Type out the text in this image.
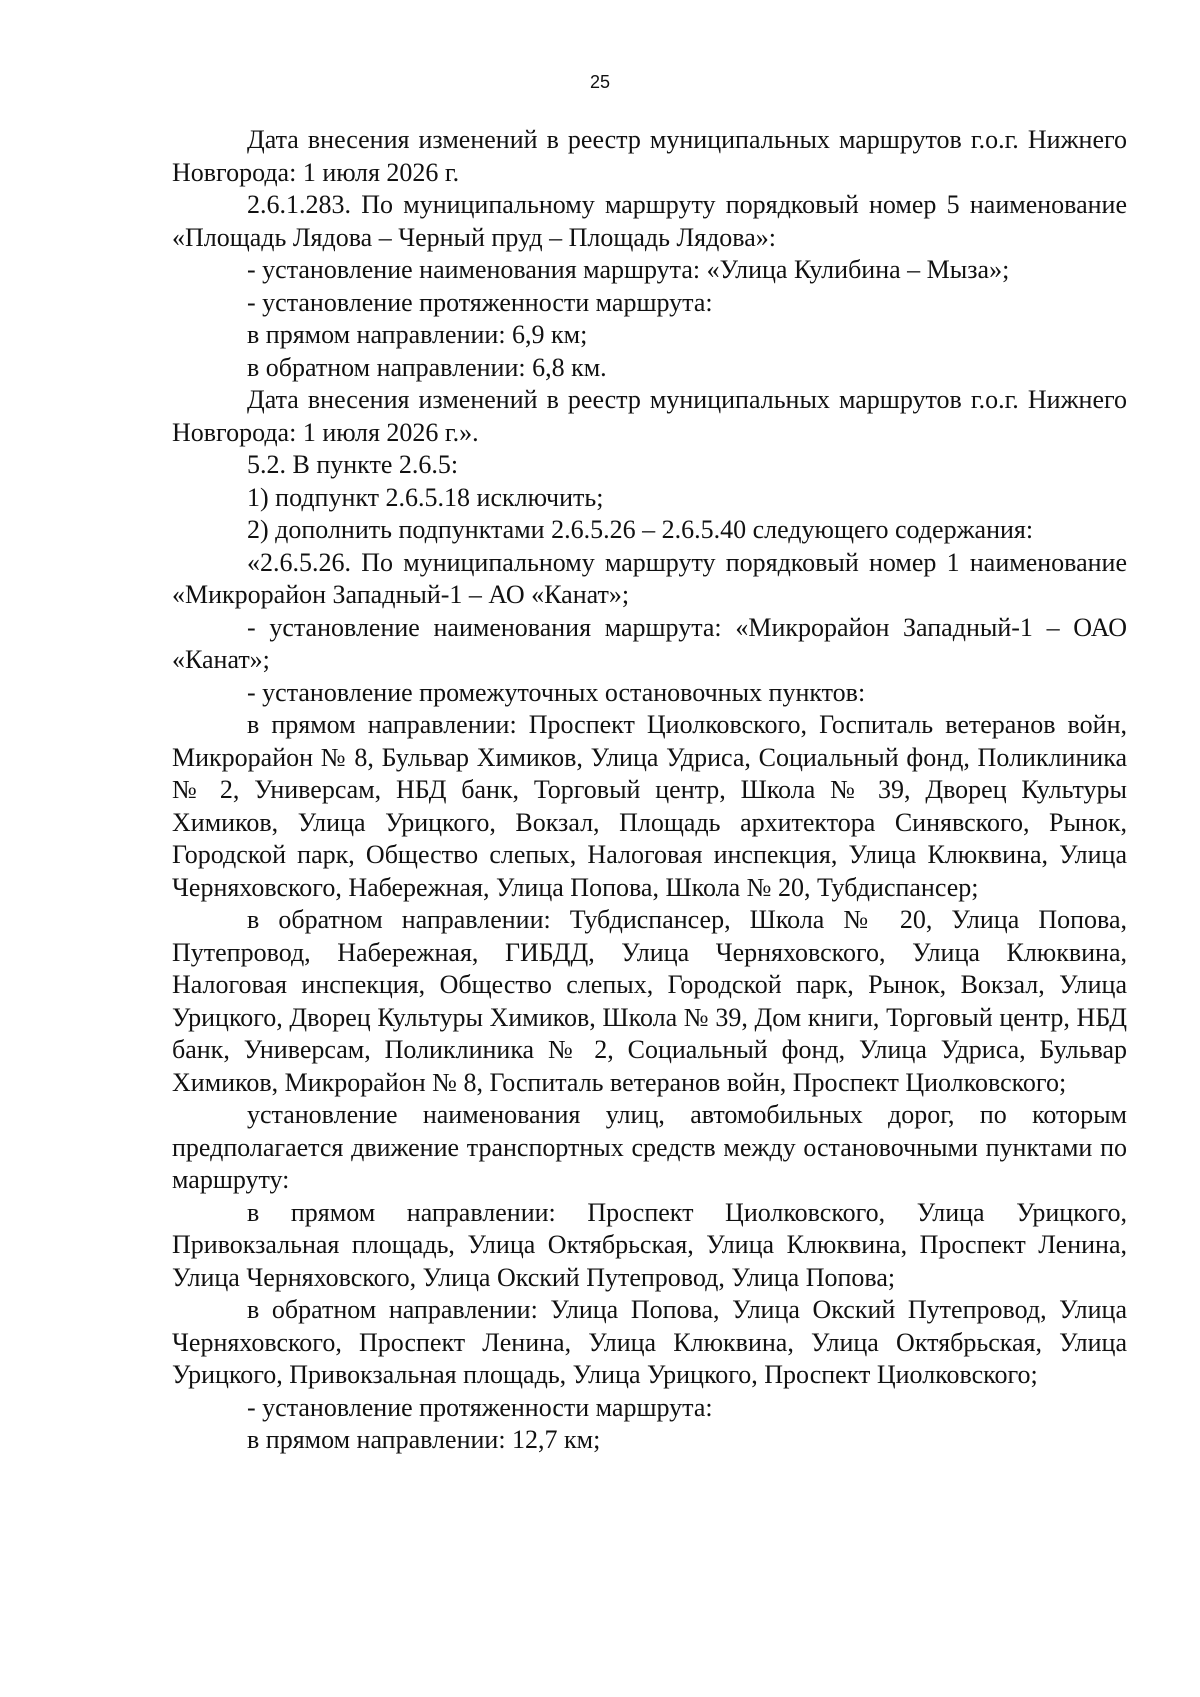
25

Дата внесения изменений в реестр муниципальных маршрутов г.о.г. Нижнего Новгорода: 1 июля 2026 г.

2.6.1.283. По муниципальному маршруту порядковый номер 5 наименование «Площадь Лядова – Черный пруд – Площадь Лядова»:

- установление наименования маршрута: «Улица Кулибина – Мыза»;

- установление протяженности маршрута:

в прямом направлении: 6,9 км;

в обратном направлении: 6,8 км.

Дата внесения изменений в реестр муниципальных маршрутов г.о.г. Нижнего Новгорода: 1 июля 2026 г.».

5.2. В пункте 2.6.5:

1) подпункт 2.6.5.18 исключить;

2) дополнить подпунктами 2.6.5.26 – 2.6.5.40 следующего содержания:

«2.6.5.26. По муниципальному маршруту порядковый номер 1 наименование «Микрорайон Западный-1 – АО «Канат»;

- установление наименования маршрута: «Микрорайон Западный-1 – ОАО «Канат»;

- установление промежуточных остановочных пунктов:

в прямом направлении: Проспект Циолковского, Госпиталь ветеранов войн, Микрорайон № 8, Бульвар Химиков, Улица Удриса, Социальный фонд, Поликлиника № 2, Универсам, НБД банк, Торговый центр, Школа № 39, Дворец Культуры Химиков, Улица Урицкого, Вокзал, Площадь архитектора Синявского, Рынок, Городской парк, Общество слепых, Налоговая инспекция, Улица Клюквина, Улица Черняховского, Набережная, Улица Попова, Школа № 20, Тубдиспансер;

в обратном направлении: Тубдиспансер, Школа № 20, Улица Попова, Путепровод, Набережная, ГИБДД, Улица Черняховского, Улица Клюквина, Налоговая инспекция, Общество слепых, Городской парк, Рынок, Вокзал, Улица Урицкого, Дворец Культуры Химиков, Школа № 39, Дом книги, Торговый центр, НБД банк, Универсам, Поликлиника № 2, Социальный фонд, Улица Удриса, Бульвар Химиков, Микрорайон № 8, Госпиталь ветеранов войн, Проспект Циолковского;

установление наименования улиц, автомобильных дорог, по которым предполагается движение транспортных средств между остановочными пунктами по маршруту:

в прямом направлении: Проспект Циолковского, Улица Урицкого, Привокзальная площадь, Улица Октябрьская, Улица Клюквина, Проспект Ленина, Улица Черняховского, Улица Окский Путепровод, Улица Попова;

в обратном направлении: Улица Попова, Улица Окский Путепровод, Улица Черняховского, Проспект Ленина, Улица Клюквина, Улица Октябрьская, Улица Урицкого, Привокзальная площадь, Улица Урицкого, Проспект Циолковского;

- установление протяженности маршрута:

в прямом направлении: 12,7 км;
